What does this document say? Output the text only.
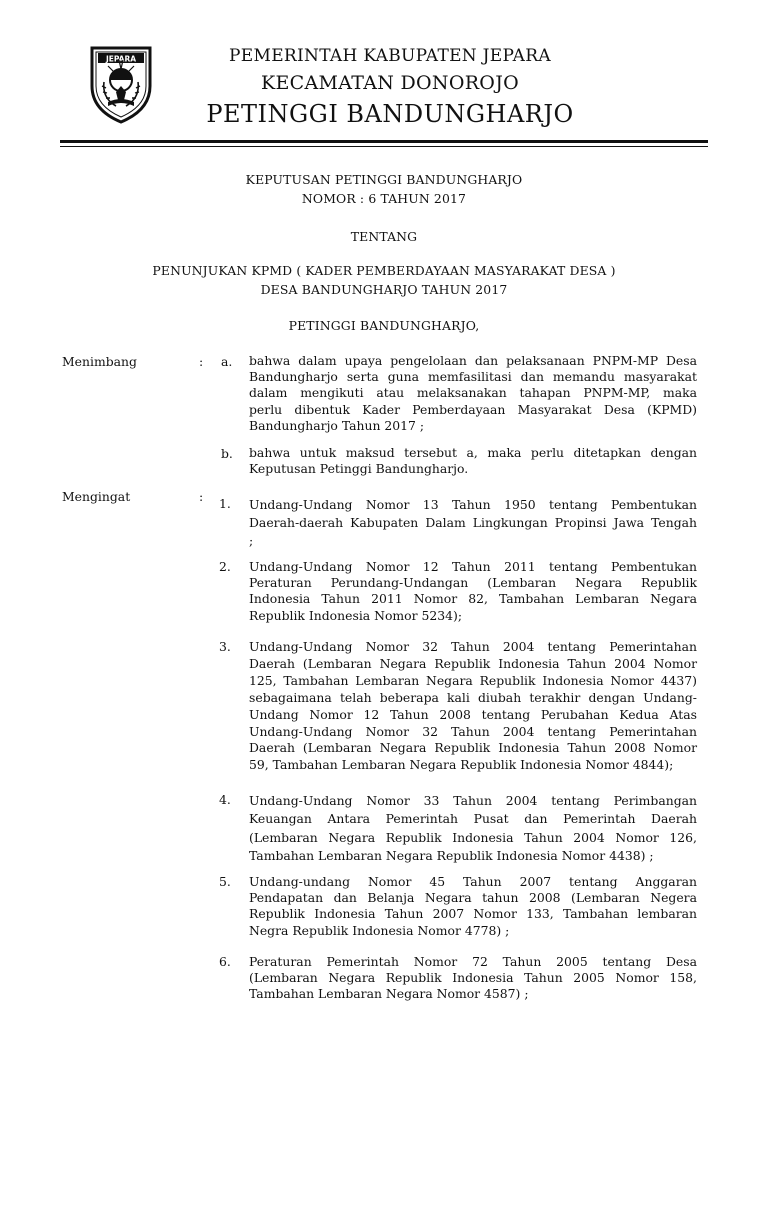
JEPARA	PEMERINTAH KABUPATEN JEPARA
KECAMATAN DONOROJO
PETINGGI BANDUNGHARJO
KEPUTUSAN PETINGGI BANDUNGHARJO
NOMOR : 6 TAHUN 2017
TENTANG
PENUNJUKAN KPMD ( KADER PEMBERDAYAAN MASYARAKAT DESA )
DESA BANDUNGHARJO TAHUN 2017
PETINGGI BANDUNGHARJO,
Menimbang	: a. bahwa dalam upaya pengelolaan dan pelaksanaan PNPM-MP Desa
Bandungharjo serta guna memfasilitasi dan memandu masyarakat
dalam mengikuti atau melaksanakan tahapan PNPM-MP, maka
perlu dibentuk Kader Pemberdayaan Masyarakat Desa (KPMD)
Bandungharjo Tahun 2017 ;
b. bahwa untuk maksud tersebut a, maka perlu ditetapkan dengan
Keputusan Petinggi Bandungharjo.
Mengingat	: 1. Undang-Undang Nomor 13 Tahun 1950 tentang Pembentukan
Daerah-daerah Kabupaten Dalam Lingkungan Propinsi Jawa Tengah
;
2. Undang-Undang Nomor 12 Tahun 2011 tentang Pembentukan
Peraturan Perundang-Undangan (Lembaran Negara Republik
Indonesia Tahun 2011 Nomor 82, Tambahan Lembaran Negara
Republik Indonesia Nomor 5234);
3. Undang-Undang Nomor 32 Tahun 2004 tentang Pemerintahan
Daerah (Lembaran Negara Republik Indonesia Tahun 2004 Nomor
125, Tambahan Lembaran Negara Republik Indonesia Nomor 4437)
sebagaimana telah beberapa kali diubah terakhir dengan Undang-
Undang Nomor 12 Tahun 2008 tentang Perubahan Kedua Atas
Undang-Undang Nomor 32 Tahun 2004 tentang Pemerintahan
Daerah (Lembaran Negara Republik Indonesia Tahun 2008 Nomor
59, Tambahan Lembaran Negara Republik Indonesia Nomor 4844);
4. Undang-Undang Nomor 33 Tahun 2004 tentang Perimbangan
Keuangan Antara Pemerintah Pusat dan Pemerintah Daerah
(Lembaran Negara Republik Indonesia Tahun 2004 Nomor 126,
Tambahan Lembaran Negara Republik Indonesia Nomor 4438) ;
5. Undang-undang Nomor 45 Tahun 2007 tentang Anggaran
Pendapatan dan Belanja Negara tahun 2008 (Lembaran Negera
Republik Indonesia Tahun 2007 Nomor 133, Tambahan lembaran
Negra Republik Indonesia Nomor 4778) ;
6. Peraturan Pemerintah Nomor 72 Tahun 2005 tentang Desa
(Lembaran Negara Republik Indonesia Tahun 2005 Nomor 158,
Tambahan Lembaran Negara Nomor 4587) ;
